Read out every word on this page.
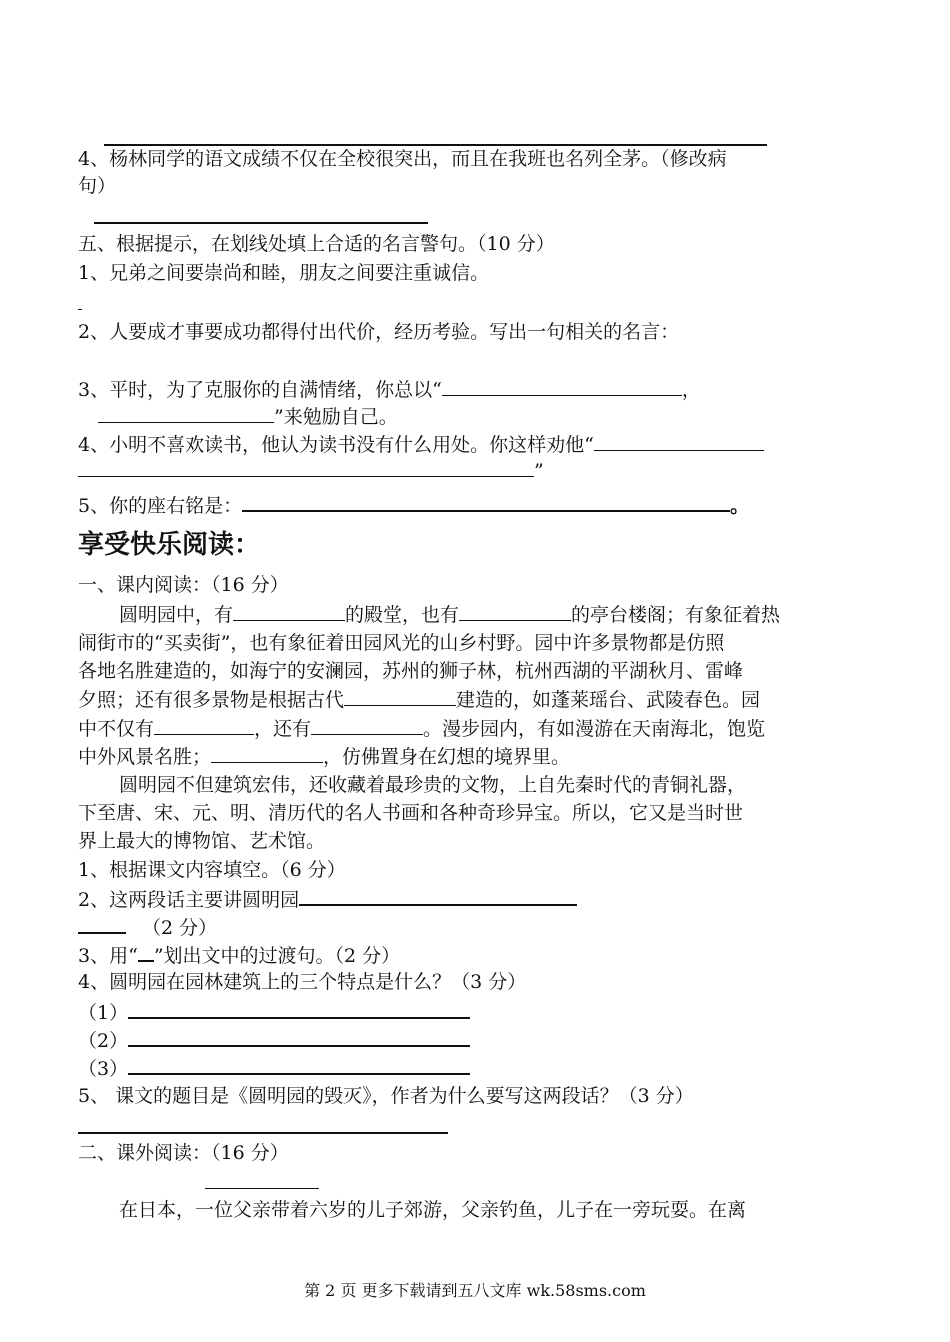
4、杨林同学的语文成绩不仅在全校很突出，而且在我班也名列全茅。（修改病
句）
五、根据提示，在划线处填上合适的名言警句。（10 分）
1、兄弟之间要崇尚和睦，朋友之间要注重诚信。
2、人要成才事要成功都得付出代价，经历考验。写出一句相关的名言：
3、平时，为了克服你的自满情绪，你总以“	，
”来勉励自己。
4、小明不喜欢读书，他认为读书没有什么用处。你这样劝他“
”
5、你的座右铭是：	。
享受快乐阅读：
一、课内阅读：（16 分）
圆明园中，有	的殿堂，也有	的亭台楼阁；有象征着热
闹街市的“买卖街”，也有象征着田园风光的山乡村野。园中许多景物都是仿照
各地名胜建造的，如海宁的安澜园，苏州的狮子林，杭州西湖的平湖秋月、雷峰
夕照；还有很多景物是根据古代	建造的，如蓬莱瑶台、武陵春色。园
中不仅有	，还有	。漫步园内，有如漫游在天南海北，饱览
中外风景名胜；	，仿佛置身在幻想的境界里。
圆明园不但建筑宏伟，还收藏着最珍贵的文物，上自先秦时代的青铜礼器，
下至唐、宋、元、明、清历代的名人书画和各种奇珍异宝。所以，它又是当时世
界上最大的博物馆、艺术馆。
1、根据课文内容填空。（6 分）
2、这两段话主要讲圆明园
（2 分）
3、用“ ”划出文中的过渡句。（2 分）
4、圆明园在园林建筑上的三个特点是什么？（3 分）
（1）
（2）
（3）
5、 课文的题目是《圆明园的毁灭》，作者为什么要写这两段话？（3 分）
二、课外阅读：（16 分）
在日本，一位父亲带着六岁的儿子郊游，父亲钓鱼，儿子在一旁玩耍。在离
第 2 页 更多下载请到五八文库 wk.58sms.com
